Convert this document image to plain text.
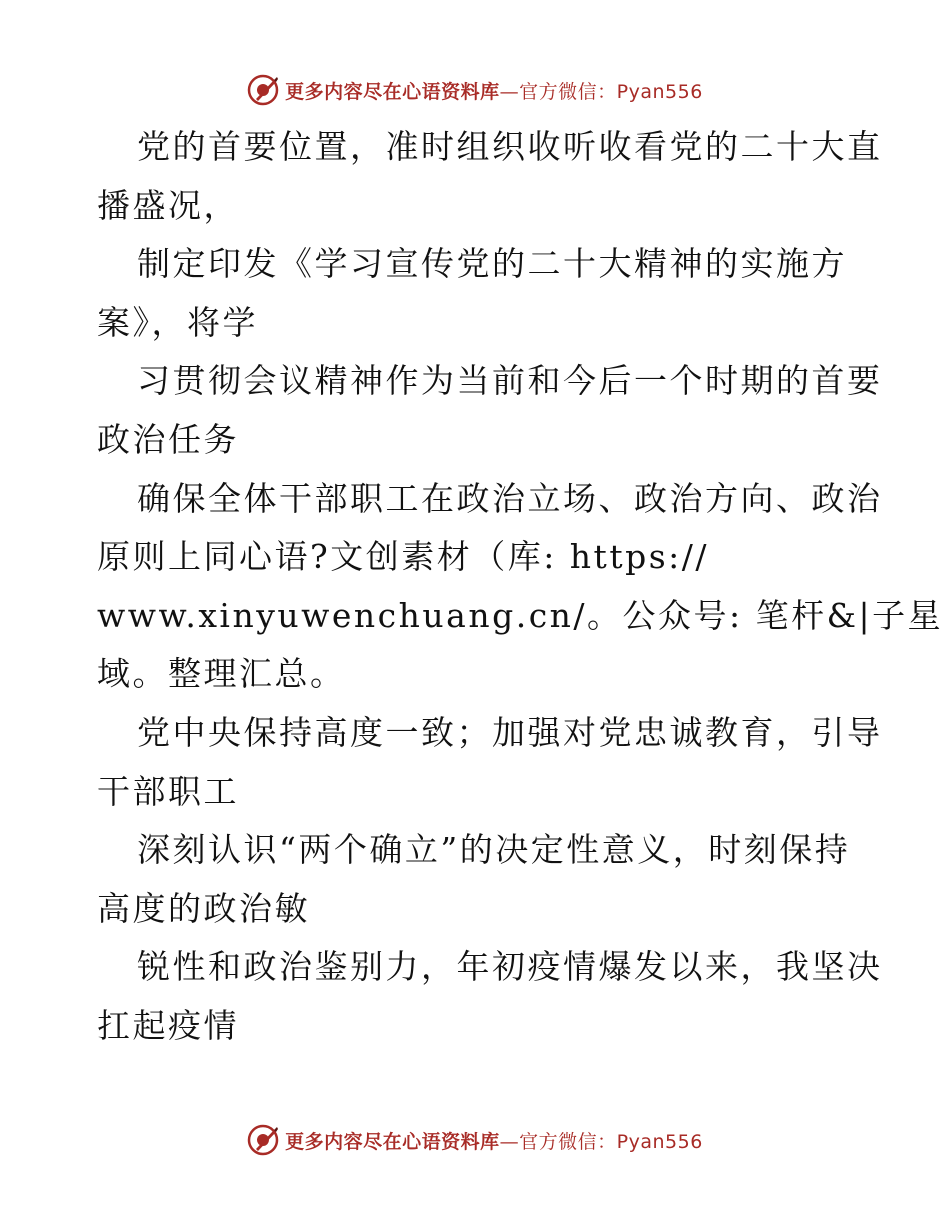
更多内容尽在心语资料库—官方微信：Pyan556

党的首要位置，准时组织收听收看党的二十大直

播盛况，

制定印发《学习宣传党的二十大精神的实施方

案》，将学

习贯彻会议精神作为当前和今后一个时期的首要

政治任务

确保全体干部职工在政治立场、政治方向、政治

原则上同心语?文创素材（库: https://

www.xinyuwenchuang.cn/。公众号: 笔杆&|子星

域。整理汇总。

党中央保持高度一致；加强对党忠诚教育，引导

干部职工

深刻认识“两个确立”的决定性意义，时刻保持

高度的政治敏

锐性和政治鉴别力，年初疫情爆发以来，我坚决

扛起疫情

更多内容尽在心语资料库—官方微信：Pyan556
